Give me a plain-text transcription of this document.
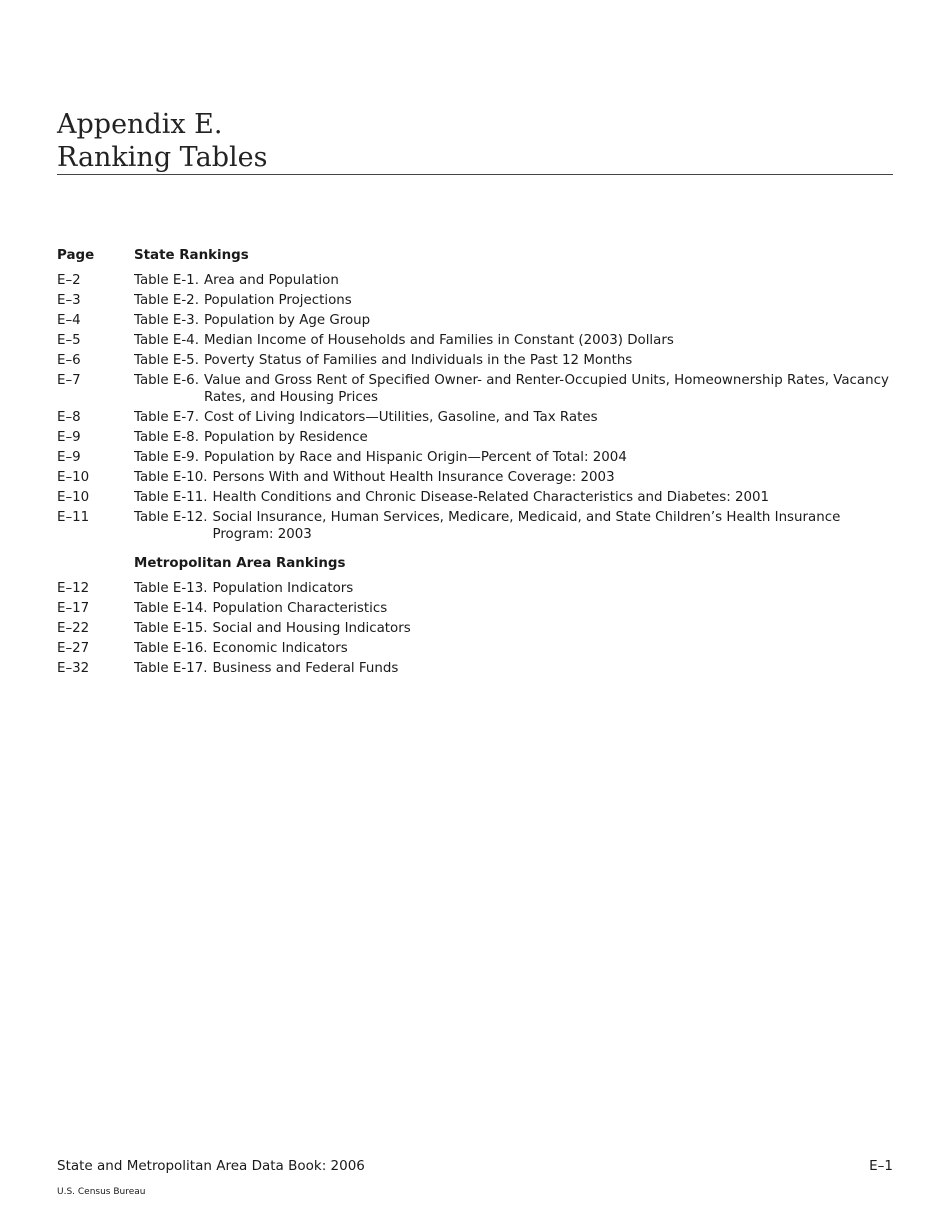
Appendix E.
Ranking Tables
Page	State Rankings
E–2	Table E-1. Area and Population
E–3	Table E-2. Population Projections
E–4	Table E-3. Population by Age Group
E–5	Table E-4. Median Income of Households and Families in Constant (2003) Dollars
E–6	Table E-5. Poverty Status of Families and Individuals in the Past 12 Months
E–7	Table E-6. Value and Gross Rent of Specified Owner- and Renter-Occupied Units, Homeownership Rates, Vacancy Rates, and Housing Prices
E–8	Table E-7. Cost of Living Indicators—Utilities, Gasoline, and Tax Rates
E–9	Table E-8. Population by Residence
E–9	Table E-9. Population by Race and Hispanic Origin—Percent of Total: 2004
E–10	Table E-10. Persons With and Without Health Insurance Coverage: 2003
E–10	Table E-11. Health Conditions and Chronic Disease-Related Characteristics and Diabetes: 2001
E–11	Table E-12. Social Insurance, Human Services, Medicare, Medicaid, and State Children’s Health Insurance Program: 2003
Metropolitan Area Rankings
E–12	Table E-13. Population Indicators
E–17	Table E-14. Population Characteristics
E–22	Table E-15. Social and Housing Indicators
E–27	Table E-16. Economic Indicators
E–32	Table E-17. Business and Federal Funds
State and Metropolitan Area Data Book: 2006	E–1
U.S. Census Bureau
